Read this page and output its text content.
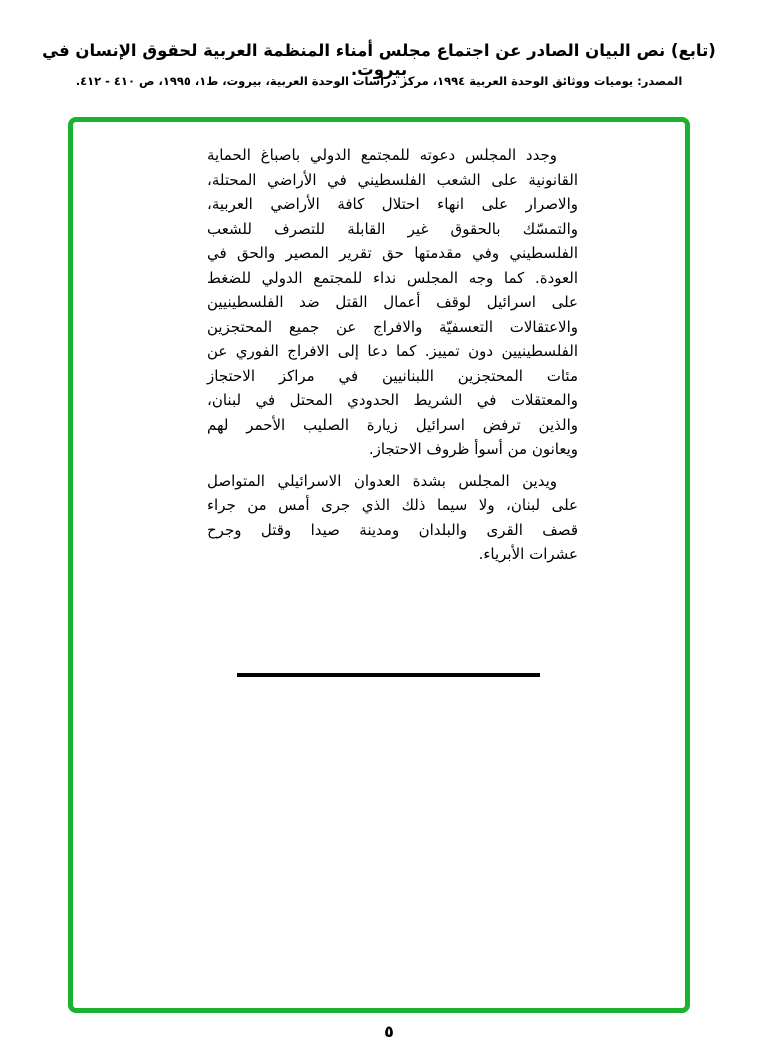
(تابع) نص البيان الصادر عن اجتماع مجلس أمناء المنظمة العربية لحقوق الإنسان في بيروت.
المصدر: يوميات ووثائق الوحدة العربية ١٩٩٤، مركز دراسات الوحدة العربية، بيروت، ط١، ١٩٩٥، ص ٤١٠ - ٤١٢.
وجدد المجلس دعوته للمجتمع الدولي باصباغ الحماية
القانونية على الشعب الفلسطيني في الأراضي المحتلة،
والاصرار على انهاء احتلال كافة الأراضي العربية،
والتمسّك بالحقوق غير القابلة للتصرف للشعب
الفلسطيني وفي مقدمتها حق تقرير المصير والحق في
العودة. كما وجه المجلس نداء للمجتمع الدولي للضغط
على اسرائيل لوقف أعمال القتل ضد الفلسطينيين
والاعتقالات التعسفيّة والافراج عن جميع المحتجزين
الفلسطينيين دون تمييز. كما دعا إلى الافراج الفوري عن
مئات المحتجزين اللبنانيين في مراكز الاحتجاز
والمعتقلات في الشريط الحدودي المحتل في لبنان،
والذين ترفض اسرائيل زيارة الصليب الأحمر لهم
ويعانون من أسوأ ظروف الاحتجاز.
ويدين المجلس بشدة العدوان الاسرائيلي المتواصل
على لبنان، ولا سيما ذلك الذي جرى أمس من جراء
قصف القرى والبلدان ومدينة صيدا وقتل وجرح
عشرات الأبرياء.
٥
